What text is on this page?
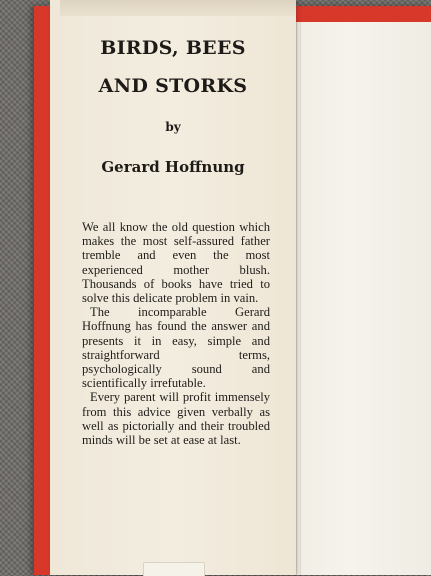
BIRDS, BEES
AND STORKS

by

Gerard Hoffnung

We all know the old question which makes the most self-assured father tremble and even the most experienced mother blush. Thousands of books have tried to solve this delicate problem in vain.

The incomparable Gerard Hoffnung has found the answer and presents it in easy, simple and straightforward terms, psychologically sound and scientifically irrefutable.

Every parent will profit immensely from this advice given verbally as well as pictorially and their troubled minds will be set at ease at last.
